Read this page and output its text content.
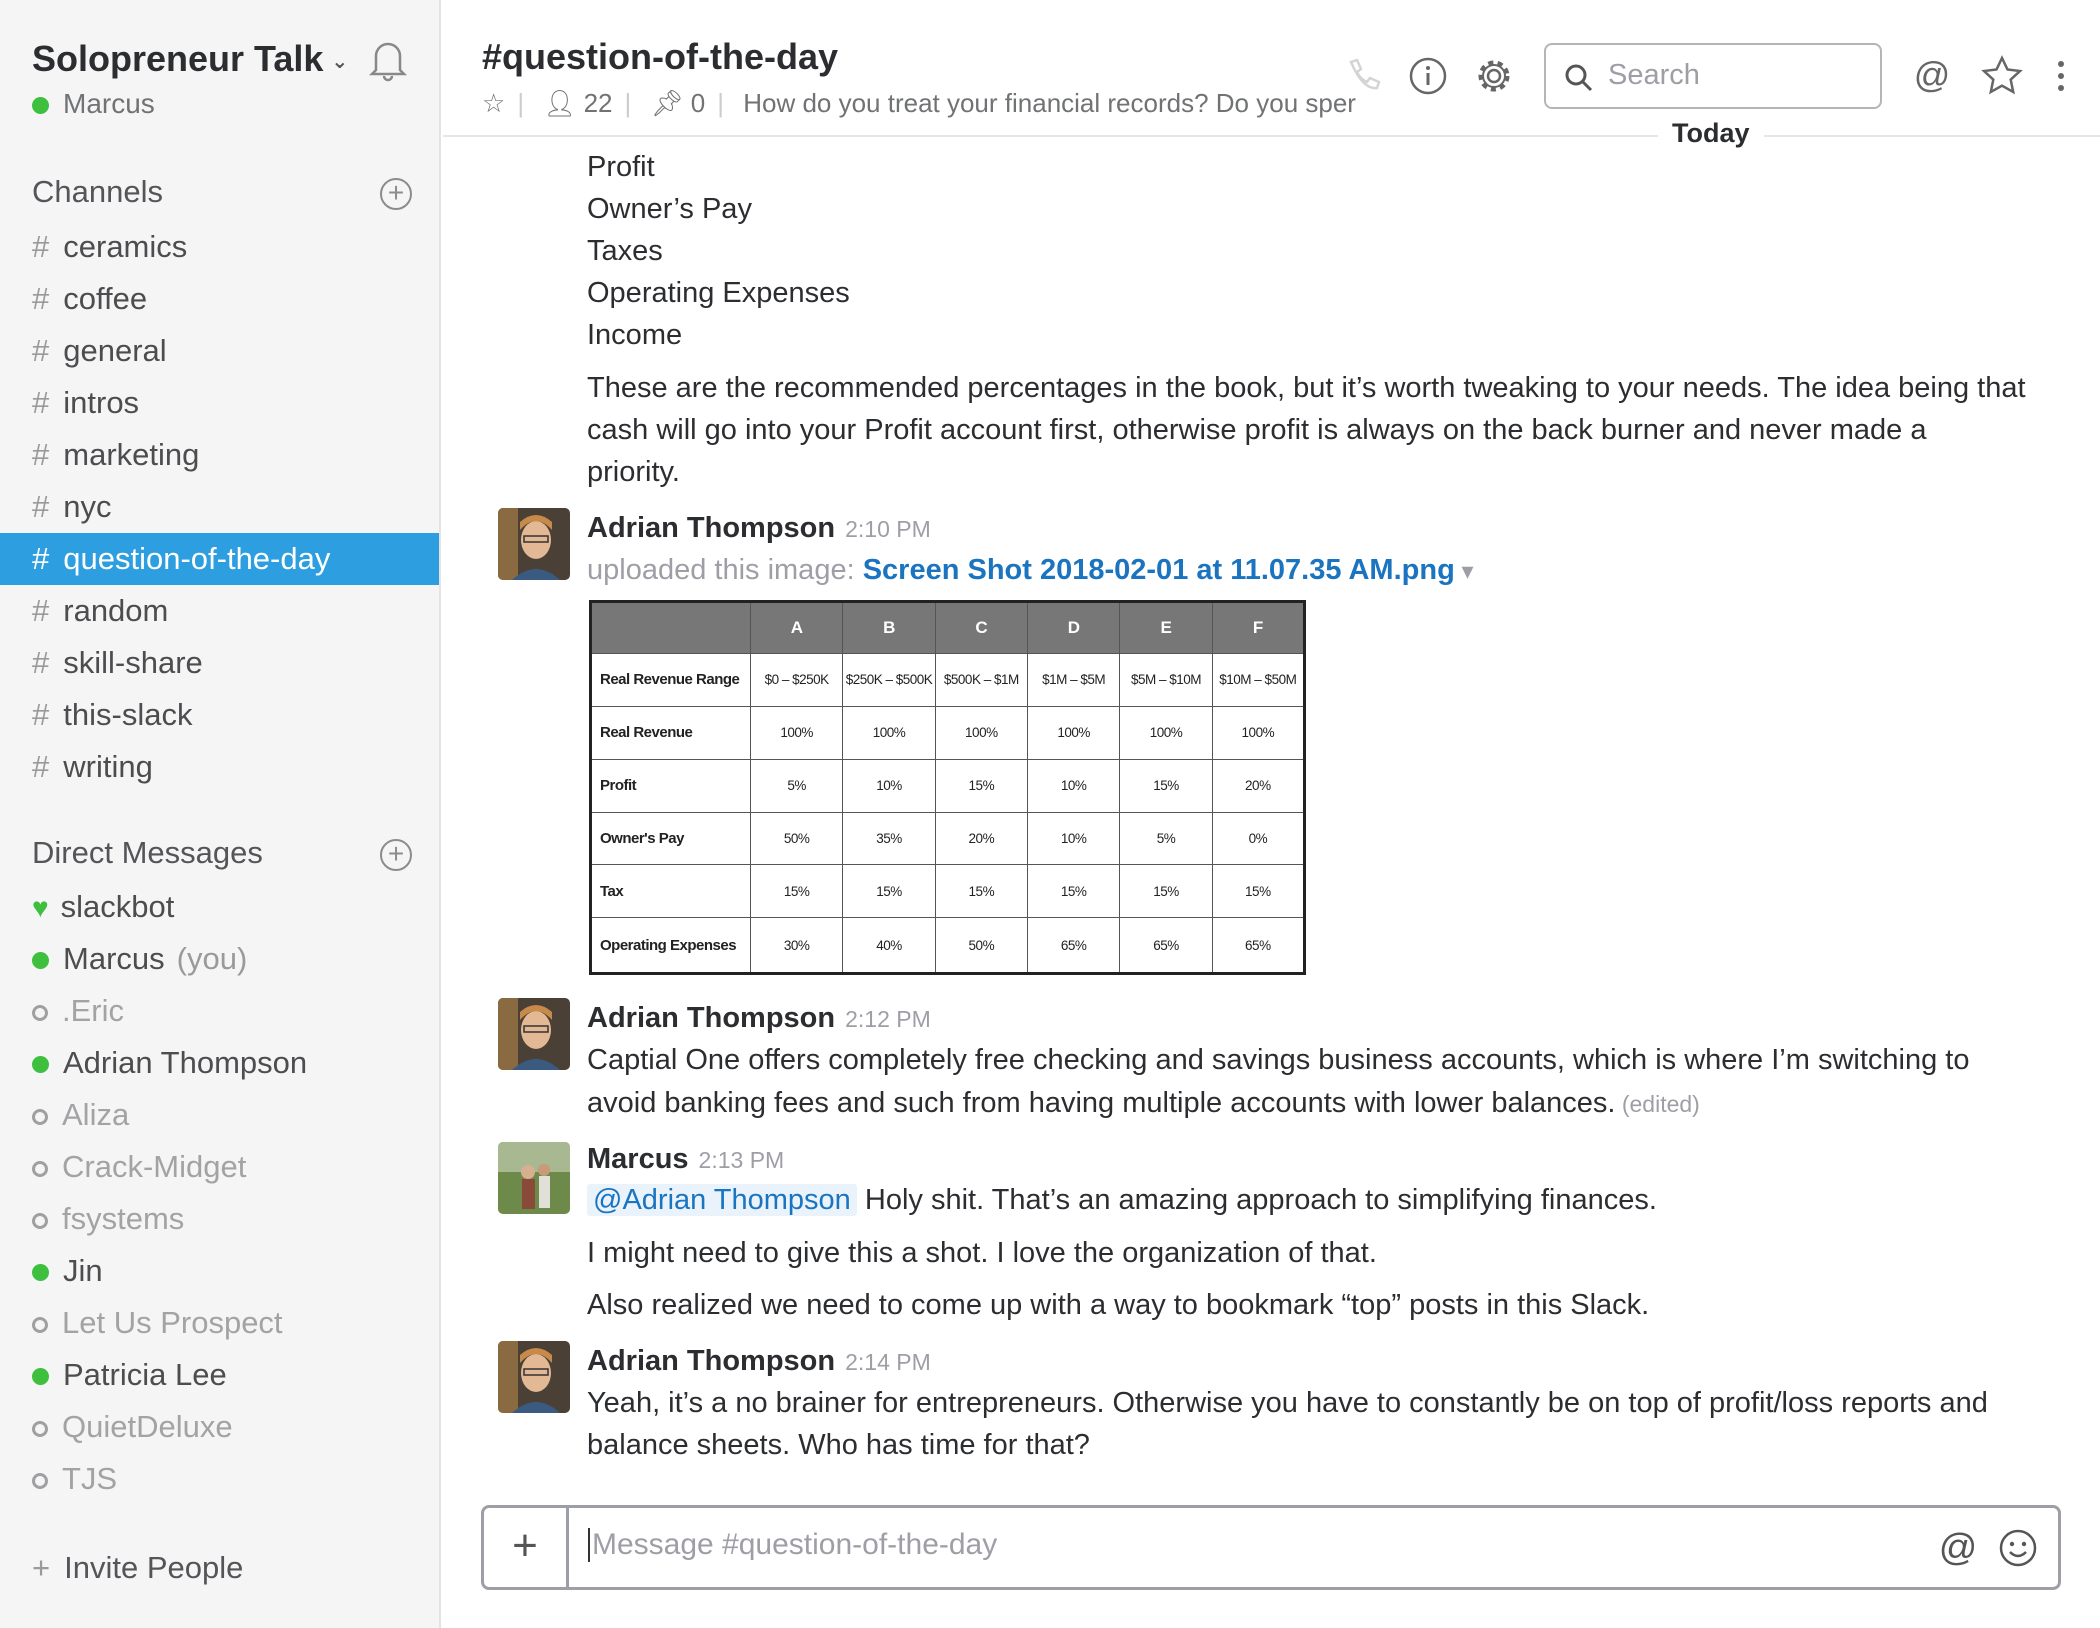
Solopreneur Talk ⌄
Marcus
Channels	+
# ceramics
# coffee
# general
# intros
# marketing
# nyc
# question-of-the-day
# random
# skill-share
# this-slack
# writing
Direct Messages	+
♥ slackbot
Marcus (you)
.Eric
Adrian Thompson
Aliza
Crack-Midget
fsystems
Jin
Let Us Prospect
Patricia Lee
QuietDeluxe
TJS
+ Invite People
#question-of-the-day
☆ | 👤︎ 22 | 📌︎ 0 | How do you treat your financial records? Do you sper
Search	@
Today
Profit
Owner’s Pay
Taxes
Operating Expenses
Income
These are the recommended percentages in the book, but it’s worth tweaking to your needs. The idea being that
cash will go into your Profit account first, otherwise profit is always on the back burner and never made a
priority.
Adrian Thompson 2:10 PM
uploaded this image: Screen Shot 2018-02-01 at 11.07.35 AM.png ▾
Adrian Thompson 2:12 PM
Captial One offers completely free checking and savings business accounts, which is where I’m switching to
avoid banking fees and such from having multiple accounts with lower balances. (edited)
Marcus 2:13 PM
@Adrian Thompson Holy shit. That’s an amazing approach to simplifying finances.
I might need to give this a shot. I love the organization of that.
Also realized we need to come up with a way to bookmark “top” posts in this Slack.
Adrian Thompson 2:14 PM
Yeah, it’s a no brainer for entrepreneurs. Otherwise you have to constantly be on top of profit/loss reports and
balance sheets. Who has time for that?
	A	B	C	D	E	F
Real Revenue Range	$0 – $250K	$250K – $500K	$500K – $1M	$1M – $5M	$5M – $10M	$10M – $50M
Real Revenue	100%	100%	100%	100%	100%	100%
Profit	5%	10%	15%	10%	15%	20%
Owner's Pay	50%	35%	20%	10%	5%	0%
Tax	15%	15%	15%	15%	15%	15%
Operating Expenses	30%	40%	50%	65%	65%	65%
+	Message #question-of-the-day	@
